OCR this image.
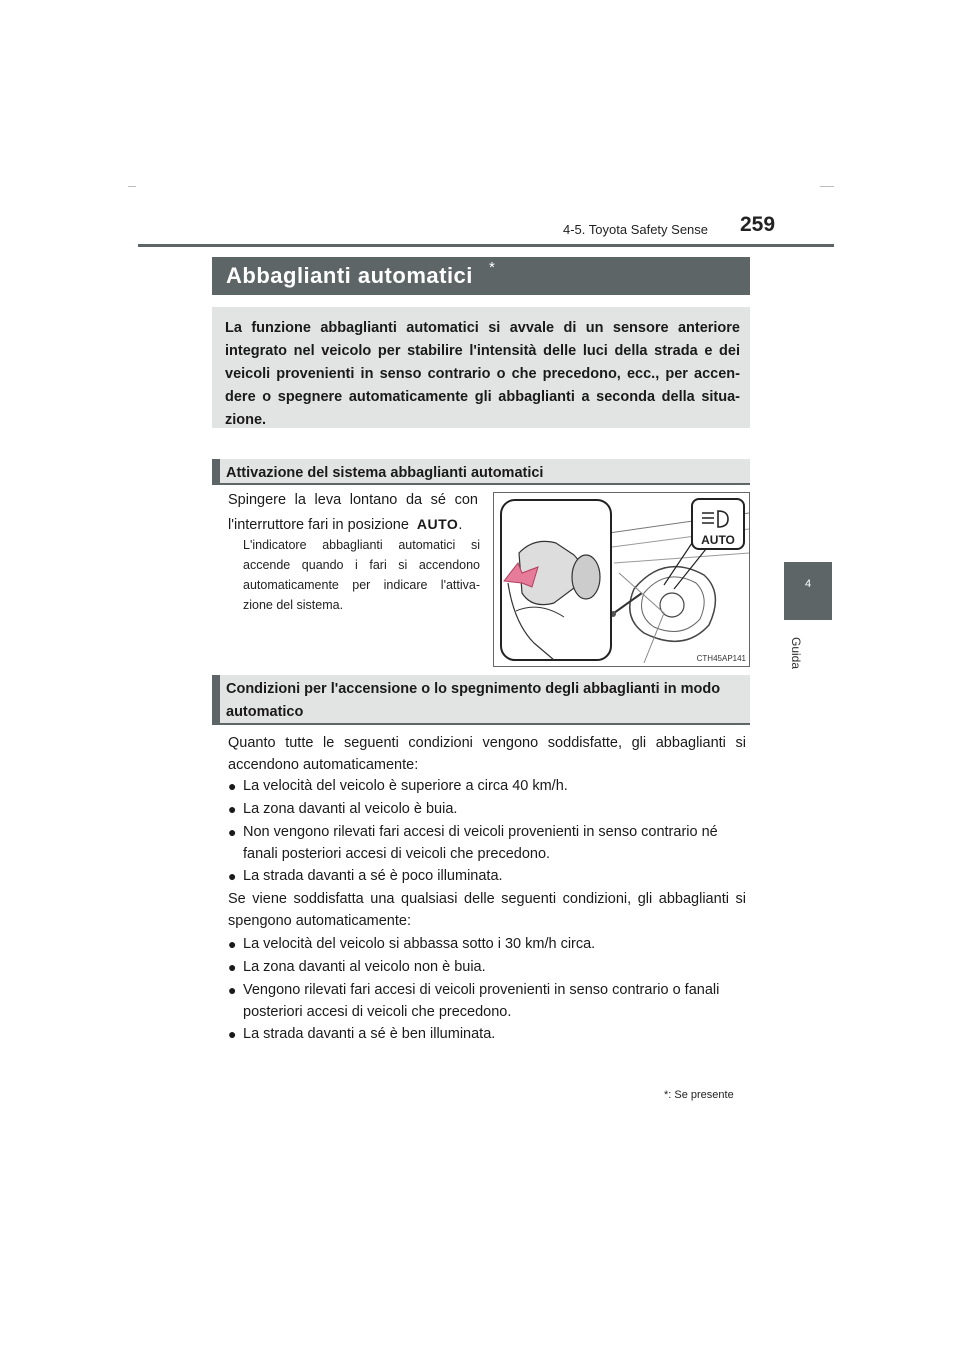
259
4-5. Toyota Safety Sense
4
Guida
Abbaglianti automatici *

La funzione abbaglianti automatici si avvale di un sensore anteriore integrato nel veicolo per stabilire l'intensità delle luci della strada e dei veicoli provenienti in senso contrario o che precedono, ecc., per accen-dere o spegnere automaticamente gli abbaglianti a seconda della situa-zione.

Attivazione del sistema abbaglianti automatici

Spingere la leva lontano da sé con l'interruttore fari in posizione AUTO.

L'indicatore abbaglianti automatici si accende quando i fari si accendono automaticamente per indicare l'attiva-zione del sistema.

AUTO
CTH45AP141
Condizioni per l'accensione o lo spegnimento degli abbaglianti in modo automatico

Quanto tutte le seguenti condizioni vengono soddisfatte, gli abbaglianti si accendono automaticamente:

● La velocità del veicolo è superiore a circa 40 km/h.
● La zona davanti al veicolo è buia.
● Non vengono rilevati fari accesi di veicoli provenienti in senso contrario né fanali posteriori accesi di veicoli che precedono.
● La strada davanti a sé è poco illuminata.

Se viene soddisfatta una qualsiasi delle seguenti condizioni, gli abbaglianti si spengono automaticamente:

● La velocità del veicolo si abbassa sotto i 30 km/h circa.
● La zona davanti al veicolo non è buia.
● Vengono rilevati fari accesi di veicoli provenienti in senso contrario o fanali posteriori accesi di veicoli che precedono.
● La strada davanti a sé è ben illuminata.
*: Se presente
